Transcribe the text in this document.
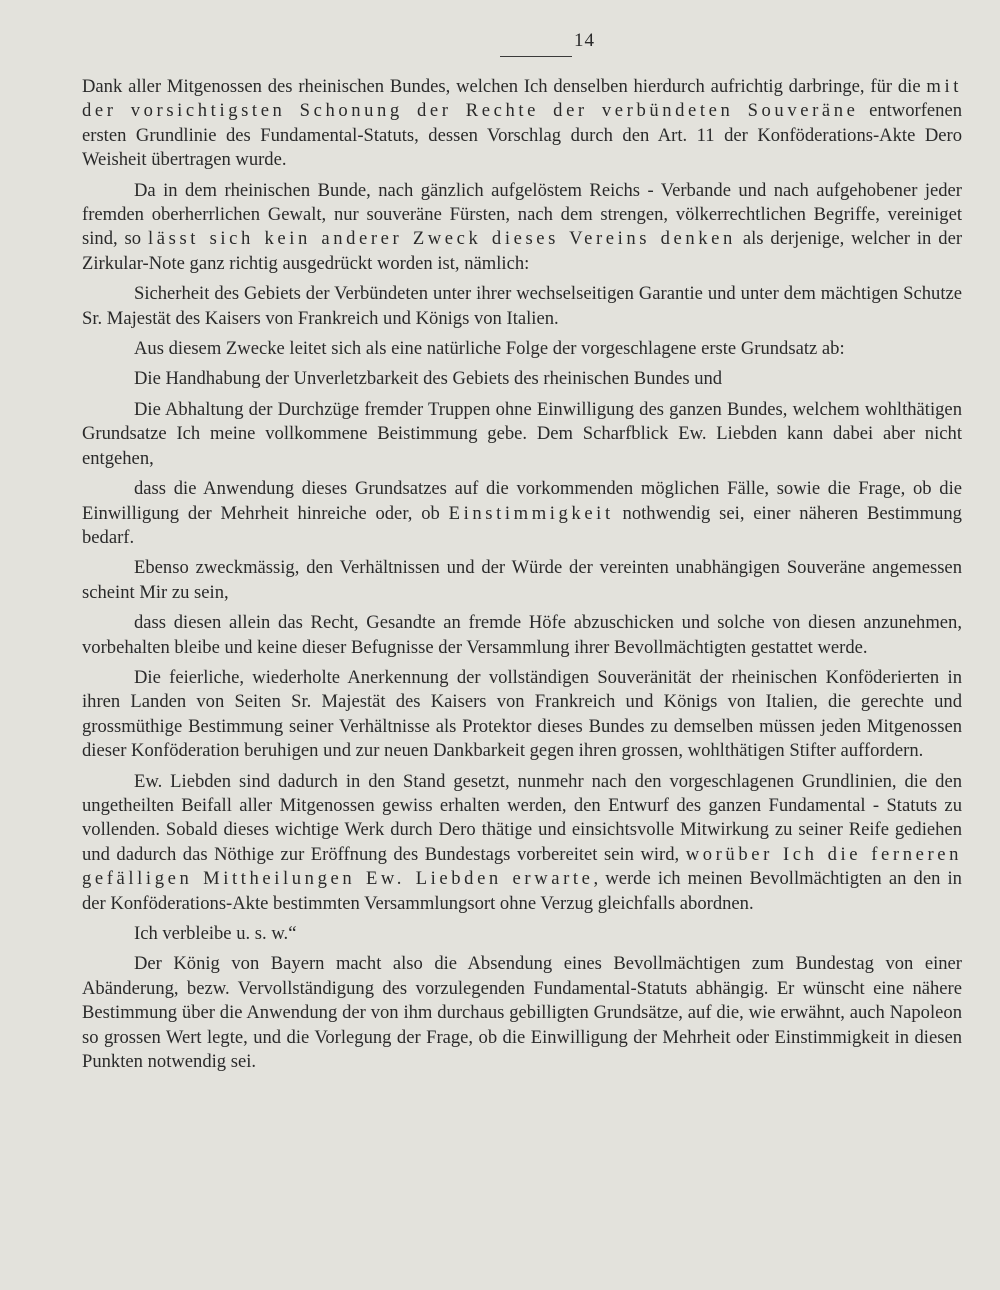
14

Dank aller Mitgenossen des rheinischen Bundes, welchen Ich denselben hierdurch aufrichtig darbringe, für die mit der vorsichtigsten Schonung der Rechte der verbündeten Souveräne entworfenen ersten Grundlinie des Fundamental-Statuts, dessen Vorschlag durch den Art. 11 der Konföderations-Akte Dero Weisheit übertragen wurde.

Da in dem rheinischen Bunde, nach gänzlich aufgelöstem Reichs - Verbande und nach aufgehobener jeder fremden oberherrlichen Gewalt, nur souveräne Fürsten, nach dem strengen, völkerrechtlichen Begriffe, vereiniget sind, so lässt sich kein anderer Zweck dieses Vereins denken als derjenige, welcher in der Zirkular-Note ganz richtig ausgedrückt worden ist, nämlich:

Sicherheit des Gebiets der Verbündeten unter ihrer wechselseitigen Garantie und unter dem mächtigen Schutze Sr. Majestät des Kaisers von Frankreich und Königs von Italien.

Aus diesem Zwecke leitet sich als eine natürliche Folge der vorgeschlagene erste Grundsatz ab:

Die Handhabung der Unverletzbarkeit des Gebiets des rheinischen Bundes und

Die Abhaltung der Durchzüge fremder Truppen ohne Einwilligung des ganzen Bundes, welchem wohlthätigen Grundsatze Ich meine vollkommene Beistimmung gebe. Dem Scharfblick Ew. Liebden kann dabei aber nicht entgehen,

dass die Anwendung dieses Grundsatzes auf die vorkommenden möglichen Fälle, sowie die Frage, ob die Einwilligung der Mehrheit hinreiche oder, ob Einstimmigkeit nothwendig sei, einer näheren Bestimmung bedarf.

Ebenso zweckmässig, den Verhältnissen und der Würde der vereinten unabhängigen Souveräne angemessen scheint Mir zu sein,

dass diesen allein das Recht, Gesandte an fremde Höfe abzuschicken und solche von diesen anzunehmen, vorbehalten bleibe und keine dieser Befugnisse der Versammlung ihrer Bevollmächtigten gestattet werde.

Die feierliche, wiederholte Anerkennung der vollständigen Souveränität der rheinischen Konföderierten in ihren Landen von Seiten Sr. Majestät des Kaisers von Frankreich und Königs von Italien, die gerechte und grossmüthige Bestimmung seiner Verhältnisse als Protektor dieses Bundes zu demselben müssen jeden Mitgenossen dieser Konföderation beruhigen und zur neuen Dankbarkeit gegen ihren grossen, wohlthätigen Stifter auffordern.

Ew. Liebden sind dadurch in den Stand gesetzt, nunmehr nach den vorgeschlagenen Grundlinien, die den ungetheilten Beifall aller Mitgenossen gewiss erhalten werden, den Entwurf des ganzen Fundamental - Statuts zu vollenden. Sobald dieses wichtige Werk durch Dero thätige und einsichtsvolle Mitwirkung zu seiner Reife gediehen und dadurch das Nöthige zur Eröffnung des Bundestags vorbereitet sein wird, worüber Ich die ferneren gefälligen Mittheilungen Ew. Liebden erwarte, werde ich meinen Bevollmächtigten an den in der Konföderations-Akte bestimmten Versammlungsort ohne Verzug gleichfalls abordnen.

Ich verbleibe u. s. w.“

Der König von Bayern macht also die Absendung eines Bevollmächtigen zum Bundestag von einer Abänderung, bezw. Vervollständigung des vorzulegenden Fundamental-Statuts abhängig. Er wünscht eine nähere Bestimmung über die Anwendung der von ihm durchaus gebilligten Grundsätze, auf die, wie erwähnt, auch Napoleon so grossen Wert legte, und die Vorlegung der Frage, ob die Einwilligung der Mehrheit oder Einstimmigkeit in diesen Punkten notwendig sei.
